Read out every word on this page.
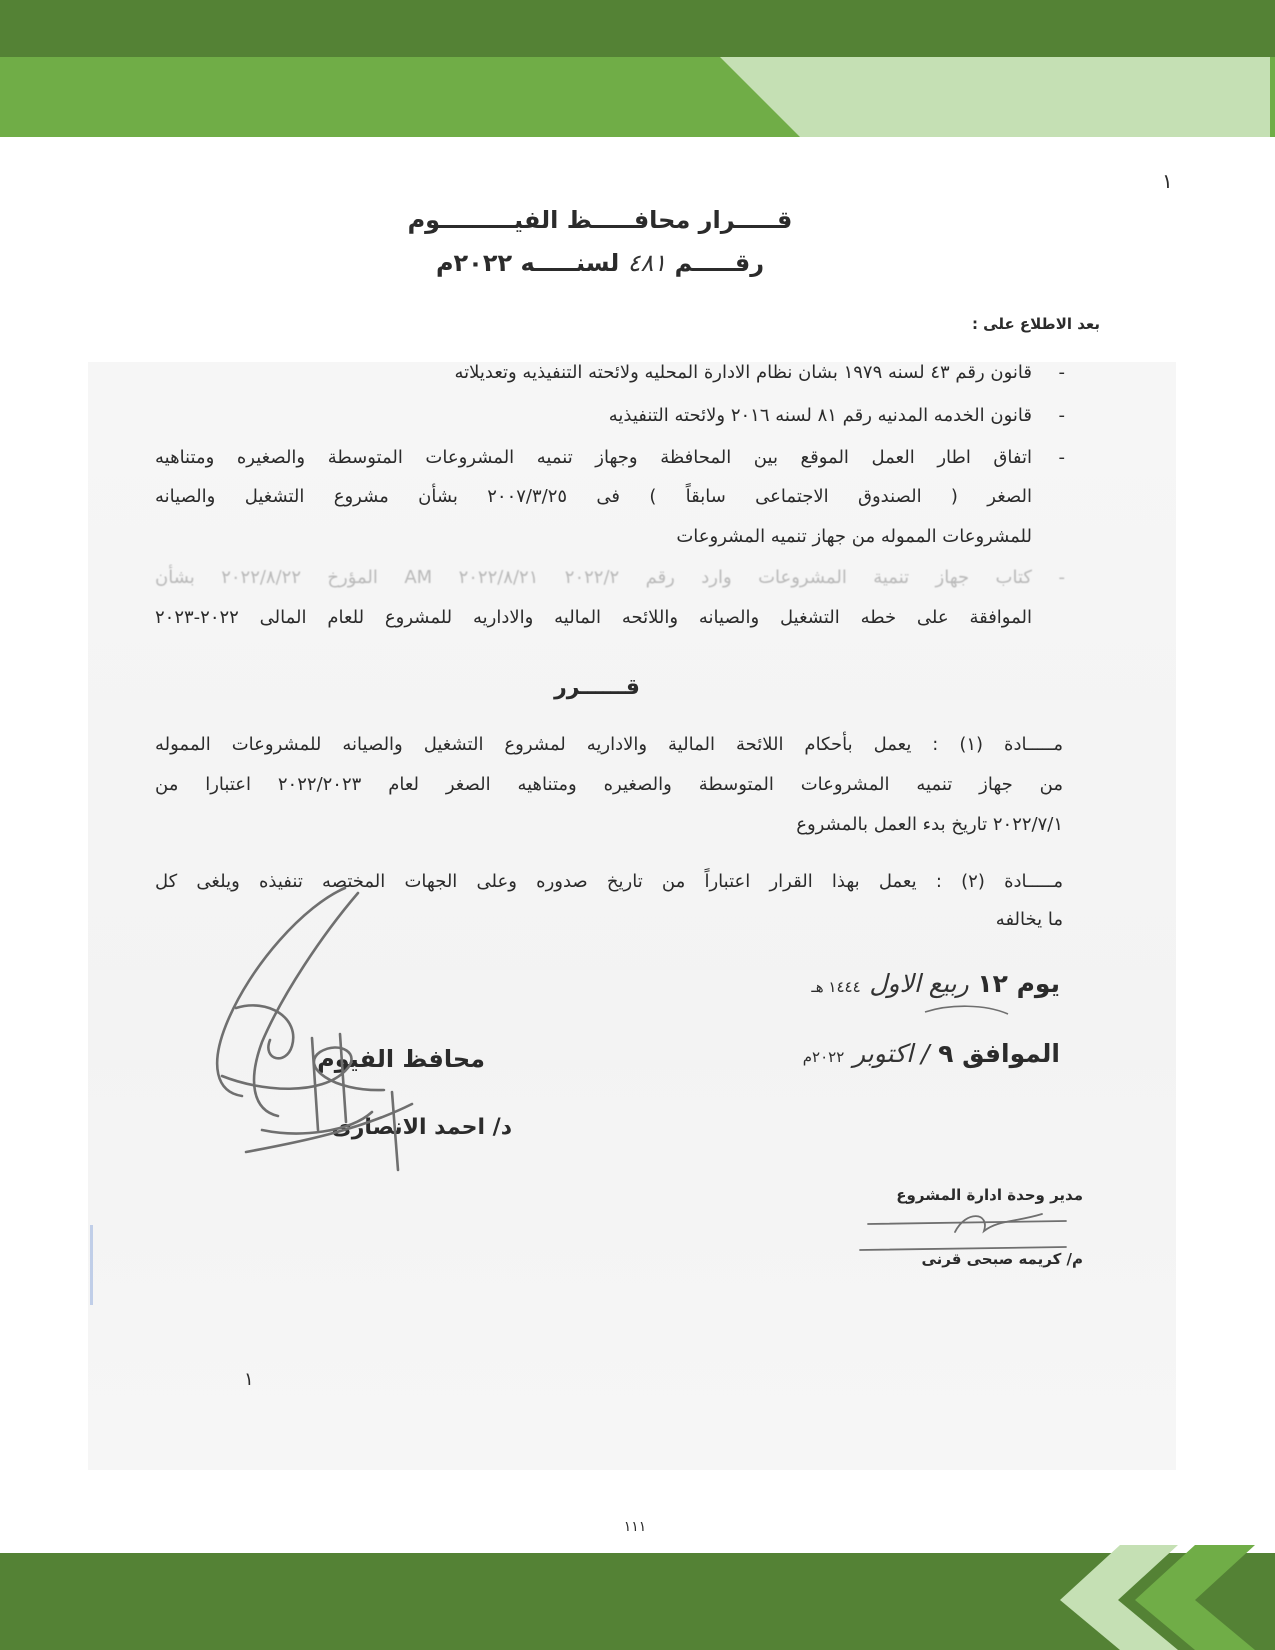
١
قـــــرار محافـــــظ الفيـــــــــوم
رقـــــم ٤٨١ لسنـــــه ٢٠٢٢م
بعد الاطلاع على :
-
قانون رقم ٤٣ لسنه ١٩٧٩ بشان نظام الادارة المحليه ولائحته التنفيذيه وتعديلاته
-
قانون الخدمه المدنيه رقم ٨١ لسنه ٢٠١٦ ولائحته التنفيذيه
-
اتفاق اطار العمل الموقع بين المحافظة وجهاز تنميه المشروعات المتوسطة والصغيره ومتناهيه
الصغر ( الصندوق الاجتماعى سابقاً ) فى ٢٠٠٧/٣/٢٥ بشأن مشروع التشغيل والصيانه
للمشروعات المموله من جهاز تنميه المشروعات
-
كتاب جهاز تنمية المشروعات وارد رقم ٢٠٢٢/٢ ٢٠٢٢/٨/٢١ AM المؤرخ ٢٠٢٢/٨/٢٢ بشأن
الموافقة على خطه التشغيل والصيانه واللائحه الماليه والاداريه للمشروع للعام المالى ٢٠٢٢-٢٠٢٣
قــــــرر
مـــــادة (١) : يعمل بأحكام اللائحة المالية والاداريه لمشروع التشغيل والصيانه للمشروعات المموله
من جهاز تنميه المشروعات المتوسطة والصغيره ومتناهيه الصغر لعام ٢٠٢٢/٢٠٢٣ اعتبارا من
٢٠٢٢/٧/١ تاريخ بدء العمل بالمشروع
مـــــادة (٢) : يعمل بهذا القرار اعتباراً من تاريخ صدوره وعلى الجهات المختصه تنفيذه ويلغى كل
ما يخالفه
يوم ١٢ ربيع الاول ١٤٤٤ هـ
الموافق ٩ / اكتوبر ٢٠٢٢م
محافظ الفيوم
د/ احمد الانصارى
مدير وحدة ادارة المشروع
م/ كريمه صبحى قرنى
١
١١١
